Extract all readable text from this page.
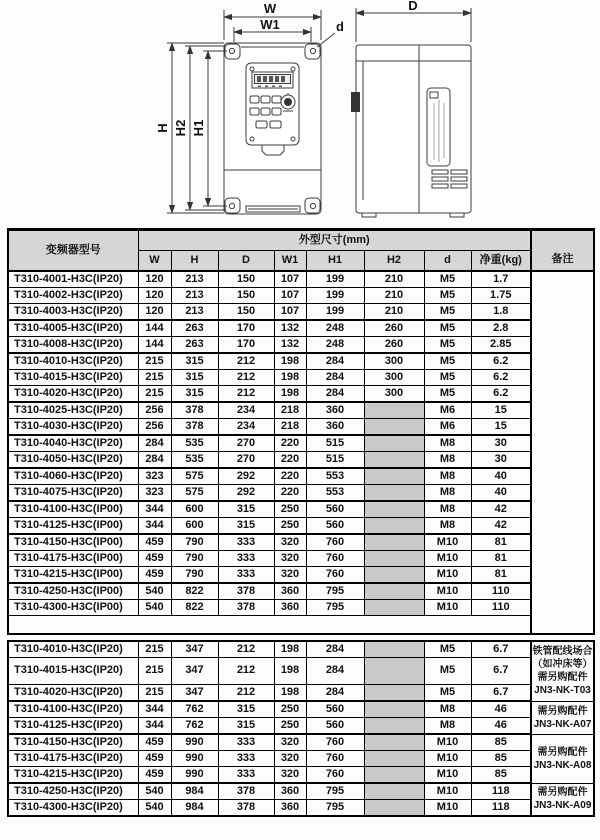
W
W1	d
H H2 H1
D
变频器型号	外型尺寸(mm)								备注
	W	H	D	W1	H1	H2	d	净重(kg)	
T310-4001-H3C(IP20)	120	213	150	107	199	210	M5	1.7	
T310-4002-H3C(IP20)	120	213	150	107	199	210	M5	1.75	
T310-4003-H3C(IP20)	120	213	150	107	199	210	M5	1.8	
T310-4005-H3C(IP20)	144	263	170	132	248	260	M5	2.8	
T310-4008-H3C(IP20)	144	263	170	132	248	260	M5	2.85	
T310-4010-H3C(IP20)	215	315	212	198	284	300	M5	6.2	
T310-4015-H3C(IP20)	215	315	212	198	284	300	M5	6.2	
T310-4020-H3C(IP20)	215	315	212	198	284	300	M5	6.2	
T310-4025-H3C(IP20)	256	378	234	218	360		M6	15	
T310-4030-H3C(IP20)	256	378	234	218	360		M6	15	
T310-4040-H3C(IP20)	284	535	270	220	515		M8	30	
T310-4050-H3C(IP20)	284	535	270	220	515		M8	30	
T310-4060-H3C(IP20)	323	575	292	220	553		M8	40	
T310-4075-H3C(IP20)	323	575	292	220	553		M8	40	
T310-4100-H3C(IP00)	344	600	315	250	560		M8	42	
T310-4125-H3C(IP00)	344	600	315	250	560		M8	42	
T310-4150-H3C(IP00)	459	790	333	320	760		M10	81	
T310-4175-H3C(IP00)	459	790	333	320	760		M10	81	
T310-4215-H3C(IP00)	459	790	333	320	760		M10	81	
T310-4250-H3C(IP00)	540	822	378	360	795		M10	110	
T310-4300-H3C(IP00)	540	822	378	360	795		M10	110	

T310-4010-H3C(IP20)	215	347	212	198	284		M5	6.7	铁管配线场合
（如冲床等）
需另购配件
JN3-NK-T03
T310-4015-H3C(IP20)	215	347	212	198	284		M5	6.7	
T310-4020-H3C(IP20)	215	347	212	198	284		M5	6.7	
T310-4100-H3C(IP20)	344	762	315	250	560		M8	46	需另购配件
JN3-NK-A07
T310-4125-H3C(IP20)	344	762	315	250	560		M8	46	
T310-4150-H3C(IP20)	459	990	333	320	760		M10	85	需另购配件
JN3-NK-A08
T310-4175-H3C(IP20)	459	990	333	320	760		M10	85	
T310-4215-H3C(IP20)	459	990	333	320	760		M10	85	
T310-4250-H3C(IP20)	540	984	378	360	795		M10	118	需另购配件
JN3-NK-A09
T310-4300-H3C(IP20)	540	984	378	360	795		M10	118	
